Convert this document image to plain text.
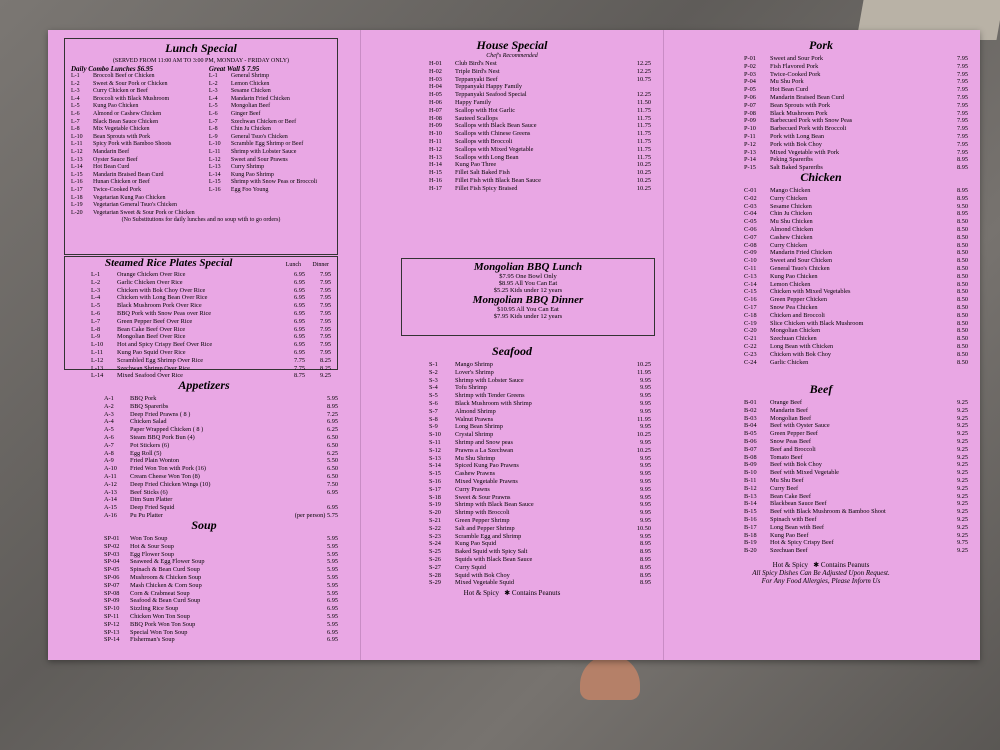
Lunch Special
(SERVED FROM 11:00 AM TO 3:00 PM, MONDAY - FRIDAY ONLY)
Daily Combo Lunches $6.95
L-1 Broccoli Beef or Chicken
L-2 Sweet & Sour Pork or Chicken
L-3 Curry Chicken or Beef
L-4 Broccoli with Black Mushroom
L-5 Kung Pao Chicken
L-6 Almond or Cashew Chicken
L-7 Black Bean Sauce Chicken
L-8 Mix Vegetable Chicken
L-10 Bean Sprouts with Pork
L-11 Spicy Pork with Bamboo Shoots
L-12 Mandarin Beef
L-13 Oyster Sauce Beef
L-14 Hot Bean Curd
L-15 Mandarin Braised Bean Curd
L-16 Hunan Chicken or Beef
L-17 Twice-Cooked Pork
L-18 Vegetarian Kung Pao Chicken
L-19 Vegetarian General Tsuo's Chicken
L-20 Vegetarian Sweet & Sour Pork or Chicken
Great Wall $ 7.95
L-1 General Shrimp
L-2 Lemon Chicken
L-3 Sesame Chicken
L-4 Mandarin Fried Chicken
L-5 Mongolian Beef
L-6 Ginger Beef
L-7 Szechwan Chicken or Beef
L-8 Chin Ju Chicken
L-9 General Tsuo's Chicken
L-10 Scramble Egg Shrimp or Beef
L-11 Shrimp with Lobster Sauce
L-12 Sweet and Sour Prawns
L-13 Curry Shrimp
L-14 Kung Pao Shrimp
L-15 Shrimp with Snow Peas or Broccoli
L-16 Egg Foo Young
(No Substitutions for daily lunches and no soup with to go orders)
Steamed Rice Plates Special	Lunch Dinner
L-1	Orange Chicken Over Rice	6.95 7.95
L-2	Garlic Chicken Over Rice	6.95 7.95
L-3	Chicken with Bok Choy Over Rice	6.95 7.95
L-4	Chicken with Long Bean Over Rice	6.95 7.95
L-5	Black Mushroom Pork Over Rice	6.95 7.95
L-6	BBQ Pork with Snow Peas over Rice	6.95 7.95
L-7	Green Pepper Beef Over Rice	6.95 7.95
L-8	Bean Cake Beef Over Rice	6.95 7.95
L-9	Mongolian Beef Over Rice	6.95 7.95
L-10 Hot and Spicy Crispy Beef Over Rice	6.95 7.95
L-11 Kung Pao Squid Over Rice	6.95 7.95
L-12 Scrambled Egg Shrimp Over Rice	7.75 8.25
L-13 Szechwan Shrimp Over Rice	7.75 8.25
L-14 Mixed Seafood Over Rice	8.75 9.25
Appetizers
A-1	BBQ Pork	5.95
A-2	BBQ Spareribs	8.95
A-3	Deep Fried Prawns ( 8 )	7.25
A-4	Chicken Salad	6.95
A-5	Paper Wrapped Chicken ( 8 )	6.25
A-6	Steam BBQ Pork Bun (4)	6.50
A-7	Pot Stickers (6)	6.50
A-8	Egg Roll (5)	6.25
A-9	Fried Plain Wonton	5.50
A-10 Fried Won Ton with Pork (16)	6.50
A-11 Cream Cheese Won Ton (8)	6.50
A-12 Deep Fried Chicken Wings (10)	7.50
A-13 Beef Sticks (6)	6.95
A-14 Dim Sum Platter
A-15 Deep Fried Squid	6.95
A-16 Pu Pu Platter	(per person) 5.75
Soup
SP-01 Won Ton Soup	5.95
SP-02 Hot & Sour Soup	5.95
SP-03 Egg Flower Soup	5.95
SP-04 Seaweed & Egg Flower Soup	5.95
SP-05 Spinach & Bean Curd Soup	5.95
SP-06 Mushroom & Chicken Soup	5.95
SP-07 Mash Chicken & Corn Soup	5.95
SP-08 Corn & Crabmeat Soup	5.95
SP-09 Seafood & Bean Curd Soup	6.95
SP-10 Sizzling Rice Soup	6.95
SP-11 Chicken Won Ton Soup	5.95
SP-12 BBQ Pork Won Ton Soup	5.95
SP-13 Special Won Ton Soup	6.95
SP-14 Fisherman's Soup	6.95
House Special
Chef's Recommended
H-01 Club Bird's Nest	12.25
H-02 Triple Bird's Nest	12.25
H-03 Teppanyaki Beef	10.75
H-04 Teppanyaki Happy Family
H-05 Teppanyaki Seafood Special	12.25
H-06 Happy Family	11.50
H-07 Scallop with Hot Garlic	11.75
H-08 Sauteed Scallops	11.75
H-09 Scallops with Black Bean Sauce	11.75
H-10 Scallops with Chinese Greens	11.75
H-11 Scallops with Broccoli	11.75
H-12 Scallops with Mixed Vegetable	11.75
H-13 Scallops with Long Bean	11.75
H-14 Kung Pao Three	10.25
H-15 Fillet Salt Baked Fish	10.25
H-16 Fillet Fish with Black Bean Sauce	10.25
H-17 Fillet Fish Spicy Braised	10.25
Mongolian BBQ Lunch
$7.95 One Bowl Only
$8.95 All You Can Eat
$5.25 Kids under 12 years
Mongolian BBQ Dinner
$10.95 All You Can Eat
$7.95 Kids under 12 years
Seafood
S-1	Mango Shrimp	10.25
S-2	Lover's Shrimp	11.95
S-3	Shrimp with Lobster Sauce	9.95
S-4	Tofu Shrimp	9.95
S-5	Shrimp with Tender Greens	9.95
S-6	Black Mushroom with Shrimp	9.95
S-7	Almond Shrimp	9.95
S-8	Walnut Prawns	11.95
S-9	Long Bean Shrimp	9.95
S-10 Crystal Shrimp	10.25
S-11 Shrimp and Snow peas	9.95
S-12 Prawns a La Szechwan	10.25
S-13 Mu Shu Shrimp	9.95
S-14 Spiced Kung Pao Prawns	9.95
S-15 Cashew Prawns	9.95
S-16 Mixed Vegetable Prawns	9.95
S-17 Curry Prawns	9.95
S-18 Sweet & Sour Prawns	9.95
S-19 Shrimp with Black Bean Sauce	9.95
S-20 Shrimp with Broccoli	9.95
S-21 Green Pepper Shrimp	9.95
S-22 Salt and Pepper Shrimp	10.50
S-23 Scramble Egg and Shrimp	9.95
S-24 Kung Pao Squid	8.95
S-25 Baked Squid with Spicy Salt	8.95
S-26 Squids with Black Bean Sauce	8.95
S-27 Curry Squid	8.95
S-28 Squid with Bok Choy	8.95
S-29 Mixed Vegetable Squid	8.95
Hot & Spicy   ✱ Contains Peanuts
Pork
P-01 Sweet and Sour Pork	7.95
P-02 Fish Flavored Pork	7.95
P-03 Twice-Cooked Pork	7.95
P-04 Mu Shu Pork	7.95
P-05 Hot Bean Curd	7.95
P-06 Mandarin Braised Bean Curd	7.95
P-07 Bean Sprouts with Pork	7.95
P-08 Black Mushroom Pork	7.95
P-09 Barbecued Pork with Snow Peas	7.95
P-10 Barbecued Pork with Broccoli	7.95
P-11 Pork with Long Bean	7.95
P-12 Pork with Bok Choy	7.95
P-13 Mixed Vegetable with Pork	7.95
P-14 Peking Spareribs	8.95
P-15 Salt Baked Spareribs	8.95
Chicken
C-01 Mango Chicken	8.95
C-02 Curry Chicken	8.95
C-03 Sesame Chicken	9.50
C-04 Chin Ju Chicken	8.95
C-05 Mu Shu Chicken	8.50
C-06 Almond Chicken	8.50
C-07 Cashew Chicken	8.50
C-08 Curry Chicken	8.50
C-09 Mandarin Fried Chicken	8.50
C-10 Sweet and Sour Chicken	8.50
C-11 General Tsuo's Chicken	8.50
C-13 Kung Pao Chicken	8.50
C-14 Lemon Chicken	8.50
C-15 Chicken with Mixed Vegetables	8.50
C-16 Green Pepper Chicken	8.50
C-17 Snow Pea Chicken	8.50
C-18 Chicken and Broccoli	8.50
C-19 Slice Chicken with Black Mushroom	8.50
C-20 Mongolian Chicken	8.50
C-21 Szechuan Chicken	8.50
C-22 Long Bean with Chicken	8.50
C-23 Chicken with Bok Choy	8.50
C-24 Garlic Chicken	8.50
Beef
B-01 Orange Beef	9.25
B-02 Mandarin Beef	9.25
B-03 Mongolian Beef	9.25
B-04 Beef with Oyster Sauce	9.25
B-05 Green Pepper Beef	9.25
B-06 Snow Peas Beef	9.25
B-07 Beef and Broccoli	9.25
B-08 Tomato Beef	9.25
B-09 Beef with Bok Choy	9.25
B-10 Beef with Mixed Vegetable	9.25
B-11 Mu Shu Beef	9.25
B-12 Curry Beef	9.25
B-13 Bean Cake Beef	9.25
B-14 Blackbean Sauce Beef	9.25
B-15 Beef with Black Mushroom & Bamboo Shoot	9.25
B-16 Spinach with Beef	9.25
B-17 Long Bean with Beef	9.25
B-18 Kung Pao Beef	9.25
B-19 Hot & Spicy Crispy Beef	9.75
B-20 Szechuan Beef	9.25
Hot & Spicy   ✱ Contains Peanuts
All Spicy Dishes Can Be Adjusted Upon Request.
For Any Food Allergies, Please Inform Us
